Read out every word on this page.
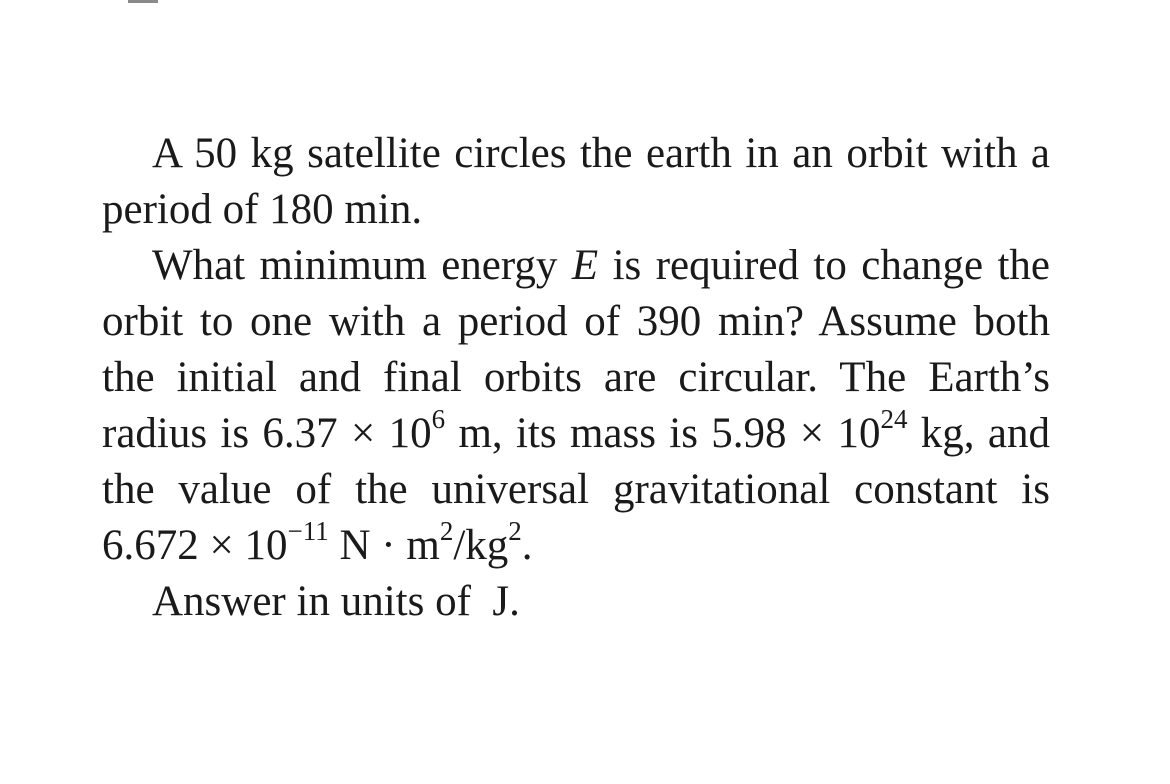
A 50 kg satellite circles the earth in an orbit with a period of 180 min.

What minimum energy E is required to change the orbit to one with a period of 390 min? Assume both the initial and final orbits are circular. The Earth’s radius is $6.37 \times 10^6$ m, its mass is $5.98 \times 10^{24}$ kg, and the value of the universal gravitational constant is $6.672 \times 10^{-11}$ $N \cdot m^2/kg^2$.

Answer in units of  J.
